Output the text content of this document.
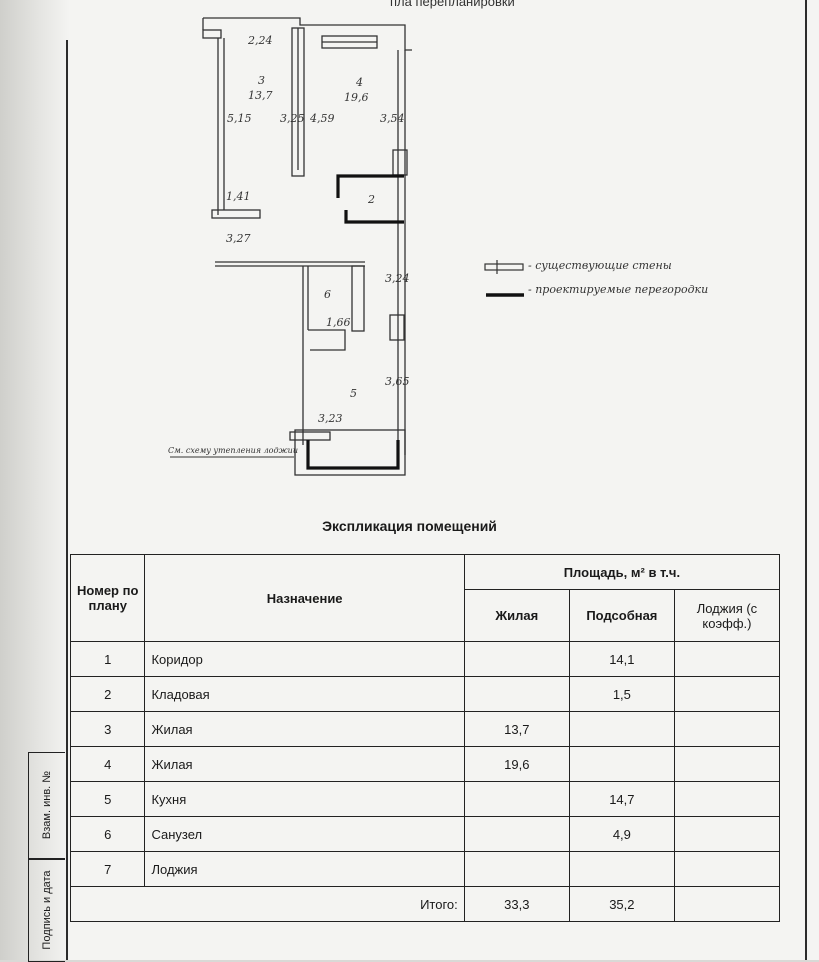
пла перепланировки
2,24
3
13,7
4
19,6
5,15	3,25 4,59	3,54
2
1,41
3,27
3,24
6
1,66
3,65
5
3,23
См. схему утепления лоджии
- существующие стены
- проектируемые перегородки
Экспликация помещений
Номер по плану	Назначение	Площадь, м² в т.ч.		
		Жилая	Подсобная	Лоджия (с коэфф.)
1	Коридор		14,1	
2	Кладовая		1,5	
3	Жилая	13,7		
4	Жилая	19,6		
5	Кухня		14,7	
6	Санузел		4,9	
7	Лоджия			
Итого:		33,3	35,2	
Взам. инв. №
Подпись и дата
